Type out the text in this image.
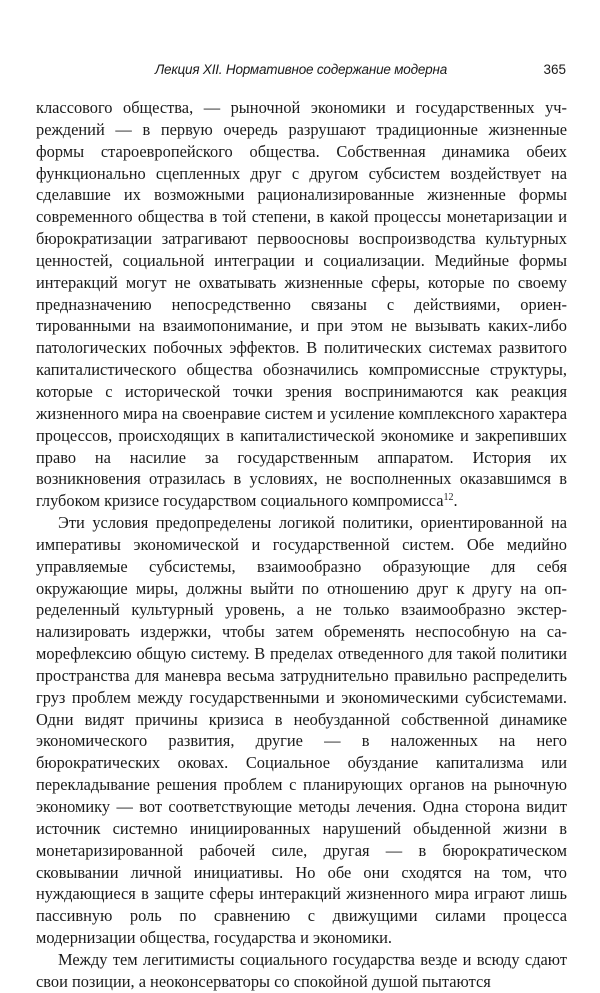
Лекция XII. Нормативное содержание модерна	365

классового общества, — рыночной экономики и государственных учреждений — в первую очередь разрушают традиционные жизненные формы староевропейского общества. Собственная динамика обеих функционально сцепленных друг с другом субсистем воздействует на сделавшие их возможными рационализированные жизненные формы современного общества в той степени, в какой процессы монетаризации и бюрократизации затрагивают первоосновы воспроизводства культурных ценностей, социальной интеграции и социализации. Медийные формы интеракций могут не охватывать жизненные сферы, которые по своему предназначению непосредственно связаны с действиями, ориентированными на взаимопонимание, и при этом не вызывать каких-либо патологических побочных эффектов. В политических системах развитого капиталистического общества обозначились компромиссные структуры, которые с исторической точки зрения воспринимаются как реакция жизненного мира на своенравие систем и усиление комплексного характера процессов, происходящих в капиталистической экономике и закрепивших право на насилие за государственным аппаратом. История их возникновения отразилась в условиях, не восполненных оказавшимся в глубоком кризисе государством социального компромисса$^{12}$.

Эти условия предопределены логикой политики, ориентированной на императивы экономической и государственной систем. Обе медийно управляемые субсистемы, взаимообразно образующие для себя окружающие миры, должны выйти по отношению друг к другу на определенный культурный уровень, а не только взаимообразно экстернализировать издержки, чтобы затем обременять неспособную на саморефлексию общую систему. В пределах отведенного для такой политики пространства для маневра весьма затруднительно правильно распределить груз проблем между государственными и экономическими субсистемами. Одни видят причины кризиса в необузданной собственной динамике экономического развития, другие — в наложенных на него бюрократических оковах. Социальное обуздание капитализма или перекладывание решения проблем с планирующих органов на рыночную экономику — вот соответствующие методы лечения. Одна сторона видит источник системно инициированных нарушений обыденной жизни в монетаризированной рабочей силе, другая — в бюрократическом сковывании личной инициативы. Но обе они сходятся на том, что нуждающиеся в защите сферы интеракций жизненного мира играют лишь пассивную роль по сравнению с движущими силами процесса модернизации общества, государства и экономики.

Между тем легитимисты социального государства везде и всюду сдают свои позиции, а неоконсерваторы со спокойной душой пытаются
